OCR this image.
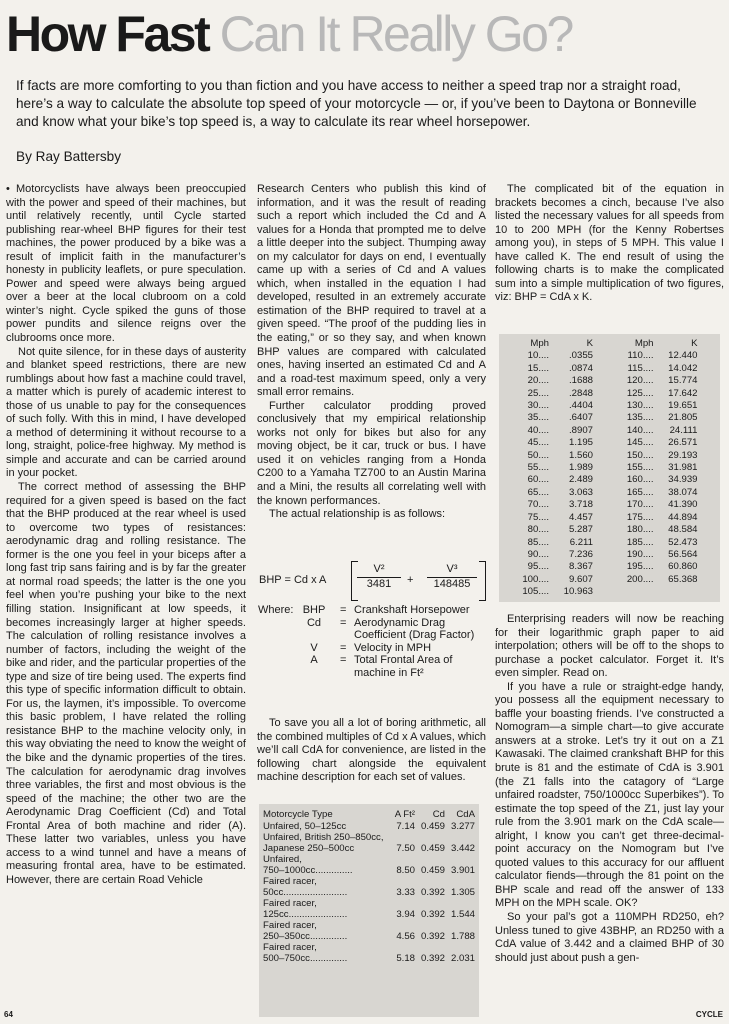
How Fast Can It Really Go?
If facts are more comforting to you than fiction and you have access to neither a speed trap nor a straight road, here’s a way to calculate the absolute top speed of your motorcycle — or, if you’ve been to Daytona or Bonneville and know what your bike’s top speed is, a way to calculate its rear wheel horsepower.
By Ray Battersby

• Motorcyclists have always been preoccupied with the power and speed of their machines, but until relatively recently, until Cycle started publishing rear-wheel BHP figures for their test machines, the power produced by a bike was a result of implicit faith in the manufacturer’s honesty in publicity leaflets, or pure speculation. Power and speed were always being argued over a beer at the local clubroom on a cold winter’s night. Cycle spiked the guns of those power pundits and silence reigns over the clubrooms once more.

Not quite silence, for in these days of austerity and blanket speed restrictions, there are new rumblings about how fast a machine could travel, a matter which is purely of academic interest to those of us unable to pay for the consequences of such folly. With this in mind, I have developed a method of determining it without recourse to a long, straight, police-free highway. My method is simple and accurate and can be carried around in your pocket.

The correct method of assessing the BHP required for a given speed is based on the fact that the BHP produced at the rear wheel is used to overcome two types of resistances: aerodynamic drag and rolling resistance. The former is the one you feel in your biceps after a long fast trip sans fairing and is by far the greater at normal road speeds; the latter is the one you feel when you’re pushing your bike to the next filling station. Insignificant at low speeds, it becomes increasingly larger at higher speeds. The calculation of rolling resistance involves a number of factors, including the weight of the bike and rider, and the particular properties of the type and size of tire being used. The experts find this type of specific information difficult to obtain. For us, the laymen, it’s impossible. To overcome this basic problem, I have related the rolling resistance BHP to the machine velocity only, in this way obviating the need to know the weight of the bike and the dynamic properties of the tires. The calculation for aerodynamic drag involves three variables, the first and most obvious is the speed of the machine; the other two are the Aerodynamic Drag Coefficient (Cd) and Total Frontal Area of both machine and rider (A). These latter two variables, unless you have access to a wind tunnel and have a means of measuring frontal area, have to be estimated. However, there are certain Road Vehicle

Research Centers who publish this kind of information, and it was the result of reading such a report which included the Cd and A values for a Honda that prompted me to delve a little deeper into the subject. Thumping away on my calculator for days on end, I eventually came up with a series of Cd and A values which, when installed in the equation I had developed, resulted in an extremely accurate estimation of the BHP required to travel at a given speed. “The proof of the pudding lies in the eating,” or so they say, and when known BHP values are compared with calculated ones, having inserted an estimated Cd and A and a road-test maximum speed, only a very small error remains.

Further calculator prodding proved conclusively that my empirical relationship works not only for bikes but also for any moving object, be it car, truck or bus. I have used it on vehicles ranging from a Honda C200 to a Yamaha TZ700 to an Austin Marina and a Mini, the results all correlating well with the known performances.

The actual relationship is as follows:

BHP = Cd x A	$\frac{\text{V²}}{3481} + \frac{\text{V³}}{148485}$
Where: BHP	= Crankshaft Horsepower
Cd	= Aerodynamic Drag Coefficient (Drag Factor)
V	= Velocity in MPH
A	= Total Frontal Area of machine in Ft²

To save you all a lot of boring arithmetic, all the combined multiples of Cd x A values, which we’ll call CdA for convenience, are listed in the following chart alongside the equivalent machine description for each set of values.

Motorcycle Type	A Ft²	Cd	CdA
Unfaired, 50–125cc	7.14 0.459 3.277
Unfaired, British 250–850cc,
Japanese 250–500cc	7.50 0.459 3.442
Unfaired,
750–1000cc..............	8.50 0.459 3.901
Faired racer,
50cc........................	3.33 0.392 1.305
Faired racer,
125cc......................	3.94 0.392 1.544
Faired racer,
250–350cc..............	4.56 0.392 1.788
Faired racer,
500–750cc..............	5.18 0.392 2.031

The complicated bit of the equation in brackets becomes a cinch, because I’ve also listed the necessary values for all speeds from 10 to 200 MPH (for the Kenny Robertses among you), in steps of 5 MPH. This value I have called K. The end result of using the following charts is to make the complicated sum into a simple multiplication of two figures, viz: BHP = CdA x K.

Mph	K	Mph	K
10....	.0355	110....	12.440
15....	.0874	115....	14.042
20....	.1688	120....	15.774
25....	.2848	125....	17.642
30....	.4404	130....	19.651
35....	.6407	135....	21.805
40....	.8907	140....	24.111
45....	1.195	145....	26.571
50....	1.560	150....	29.193
55....	1.989	155....	31.981
60....	2.489	160....	34.939
65....	3.063	165....	38.074
70....	3.718	170....	41.390
75....	4.457	175....	44.894
80....	5.287	180....	48.584
85....	6.211	185....	52.473
90....	7.236	190....	56.564
95....	8.367	195....	60.860
100....	9.607	200....	65.368
105....	10.963

Enterprising readers will now be reaching for their logarithmic graph paper to aid interpolation; others will be off to the shops to purchase a pocket calculator. Forget it. It’s even simpler. Read on.

If you have a rule or straight-edge handy, you possess all the equipment necessary to baffle your boasting friends. I’ve constructed a Nomogram—a simple chart—to give accurate answers at a stroke. Let’s try it out on a Z1 Kawasaki. The claimed crankshaft BHP for this brute is 81 and the estimate of CdA is 3.901 (the Z1 falls into the catagory of “Large unfaired roadster, 750/1000cc Superbikes”). To estimate the top speed of the Z1, just lay your rule from the 3.901 mark on the CdA scale—alright, I know you can’t get three-decimal-point accuracy on the Nomogram but I’ve quoted values to this accuracy for our affluent calculator fiends—through the 81 point on the BHP scale and read off the answer of 133 MPH on the MPH scale. OK?

So your pal’s got a 110MPH RD250, eh? Unless tuned to give 43BHP, an RD250 with a CdA value of 3.442 and a claimed BHP of 30 should just about push a gen-

64	CYCLE
